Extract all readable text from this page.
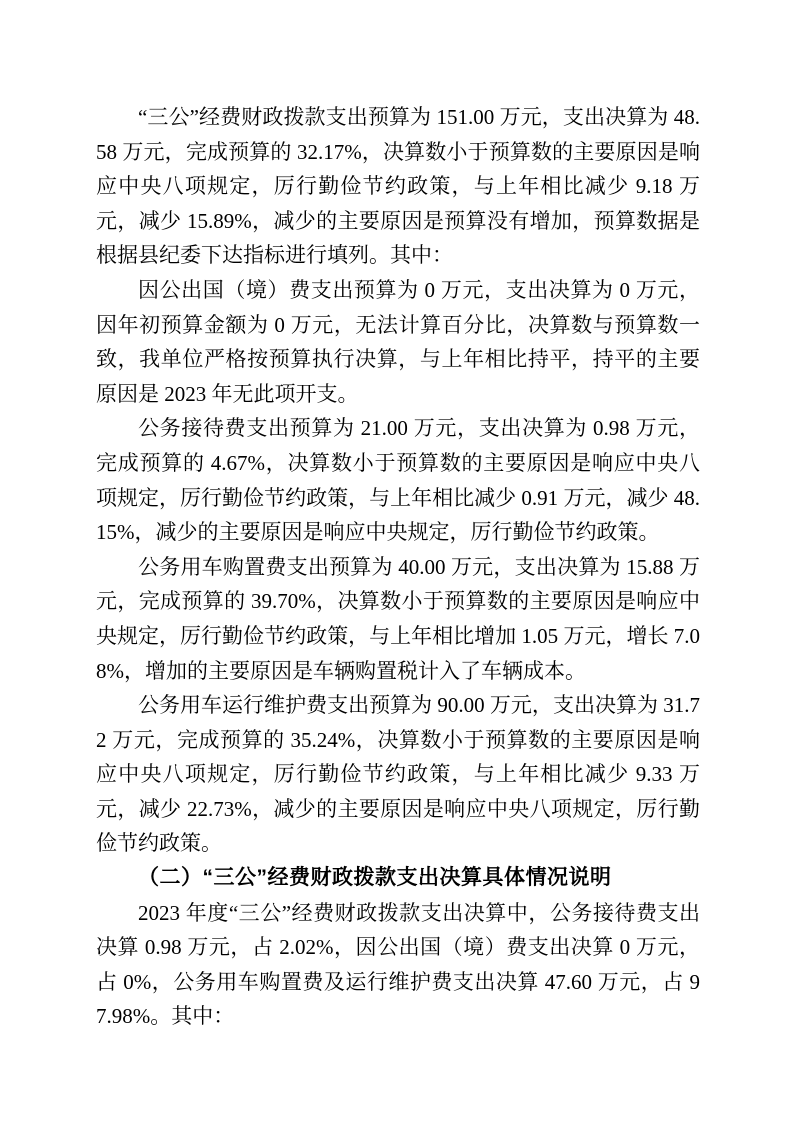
“三公”经费财政拨款支出预算为 151.00 万元，支出决算为 48.58 万元，完成预算的 32.17%，决算数小于预算数的主要原因是响应中央八项规定，厉行勤俭节约政策，与上年相比减少 9.18 万元，减少 15.89%，减少的主要原因是预算没有增加，预算数据是根据县纪委下达指标进行填列。其中：

因公出国（境）费支出预算为 0 万元，支出决算为 0 万元，因年初预算金额为 0 万元，无法计算百分比，决算数与预算数一致，我单位严格按预算执行决算，与上年相比持平，持平的主要原因是 2023 年无此项开支。

公务接待费支出预算为 21.00 万元，支出决算为 0.98 万元，完成预算的 4.67%，决算数小于预算数的主要原因是响应中央八项规定，厉行勤俭节约政策，与上年相比减少 0.91 万元，减少 48.15%，减少的主要原因是响应中央规定，厉行勤俭节约政策。

公务用车购置费支出预算为 40.00 万元，支出决算为 15.88 万元，完成预算的 39.70%，决算数小于预算数的主要原因是响应中央规定，厉行勤俭节约政策，与上年相比增加 1.05 万元，增长 7.08%，增加的主要原因是车辆购置税计入了车辆成本。

公务用车运行维护费支出预算为 90.00 万元，支出决算为 31.72 万元，完成预算的 35.24%，决算数小于预算数的主要原因是响应中央八项规定，厉行勤俭节约政策，与上年相比减少 9.33 万元，减少 22.73%，减少的主要原因是响应中央八项规定，厉行勤俭节约政策。

（二）“三公”经费财政拨款支出决算具体情况说明

2023 年度“三公”经费财政拨款支出决算中，公务接待费支出决算 0.98 万元，占 2.02%，因公出国（境）费支出决算 0 万元，占 0%，公务用车购置费及运行维护费支出决算 47.60 万元，占 97.98%。其中：
